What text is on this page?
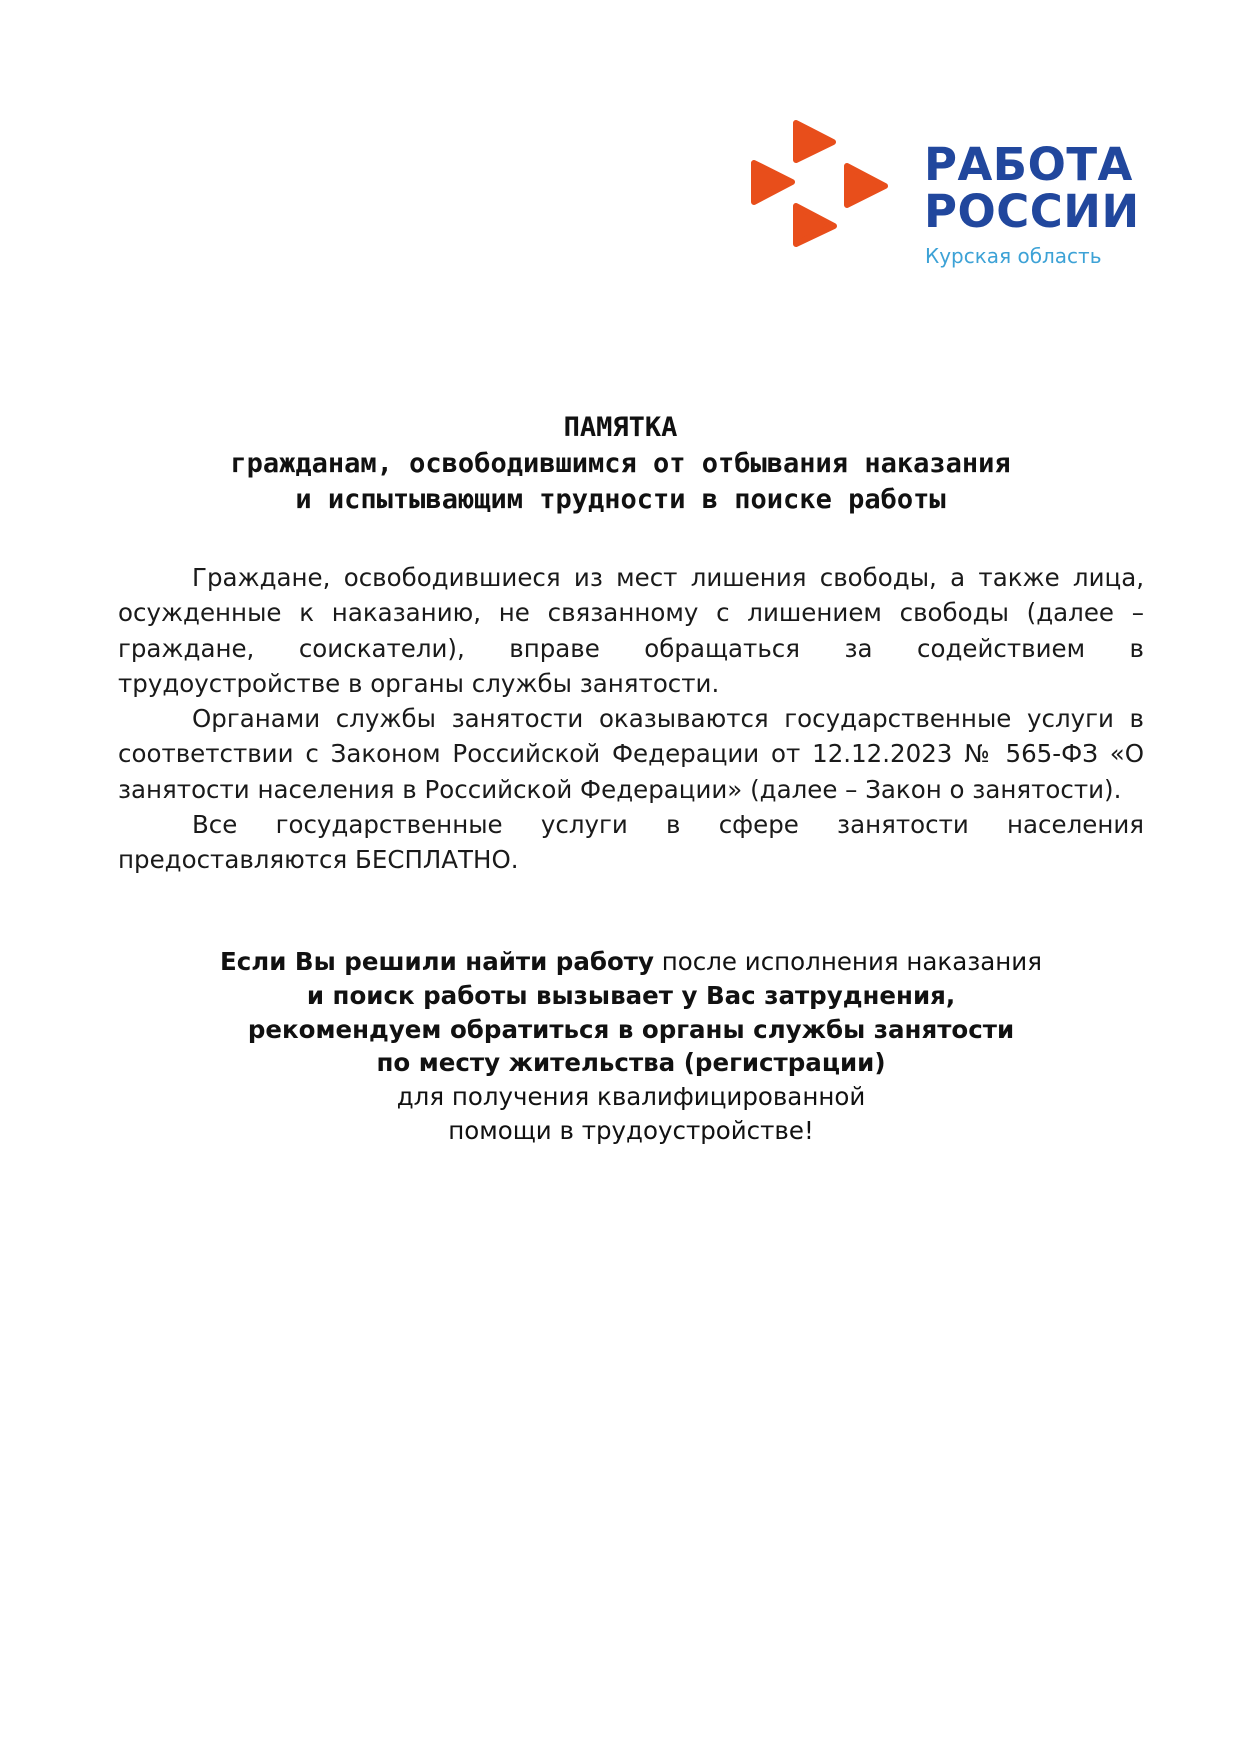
РАБОТА
РОССИИ
Курская область
ПАМЯТКА
гражданам, освободившимся от отбывания наказания
и испытывающим трудности в поиске работы

Граждане, освободившиеся из мест лишения свободы, а также лица, осужденные к наказанию, не связанному с лишением свободы (далее – граждане, соискатели), вправе обращаться за содействием в трудоустройстве в органы службы занятости.

Органами службы занятости оказываются государственные услуги в соответствии с Законом Российской Федерации от 12.12.2023 № 565-ФЗ «О занятости населения в Российской Федерации» (далее – Закон о занятости).

Все государственные услуги в сфере занятости населения предоставляются БЕСПЛАТНО.

Если Вы решили найти работу после исполнения наказания
и поиск работы вызывает у Вас затруднения,
рекомендуем обратиться в органы службы занятости
по месту жительства (регистрации)
для получения квалифицированной
помощи в трудоустройстве!
